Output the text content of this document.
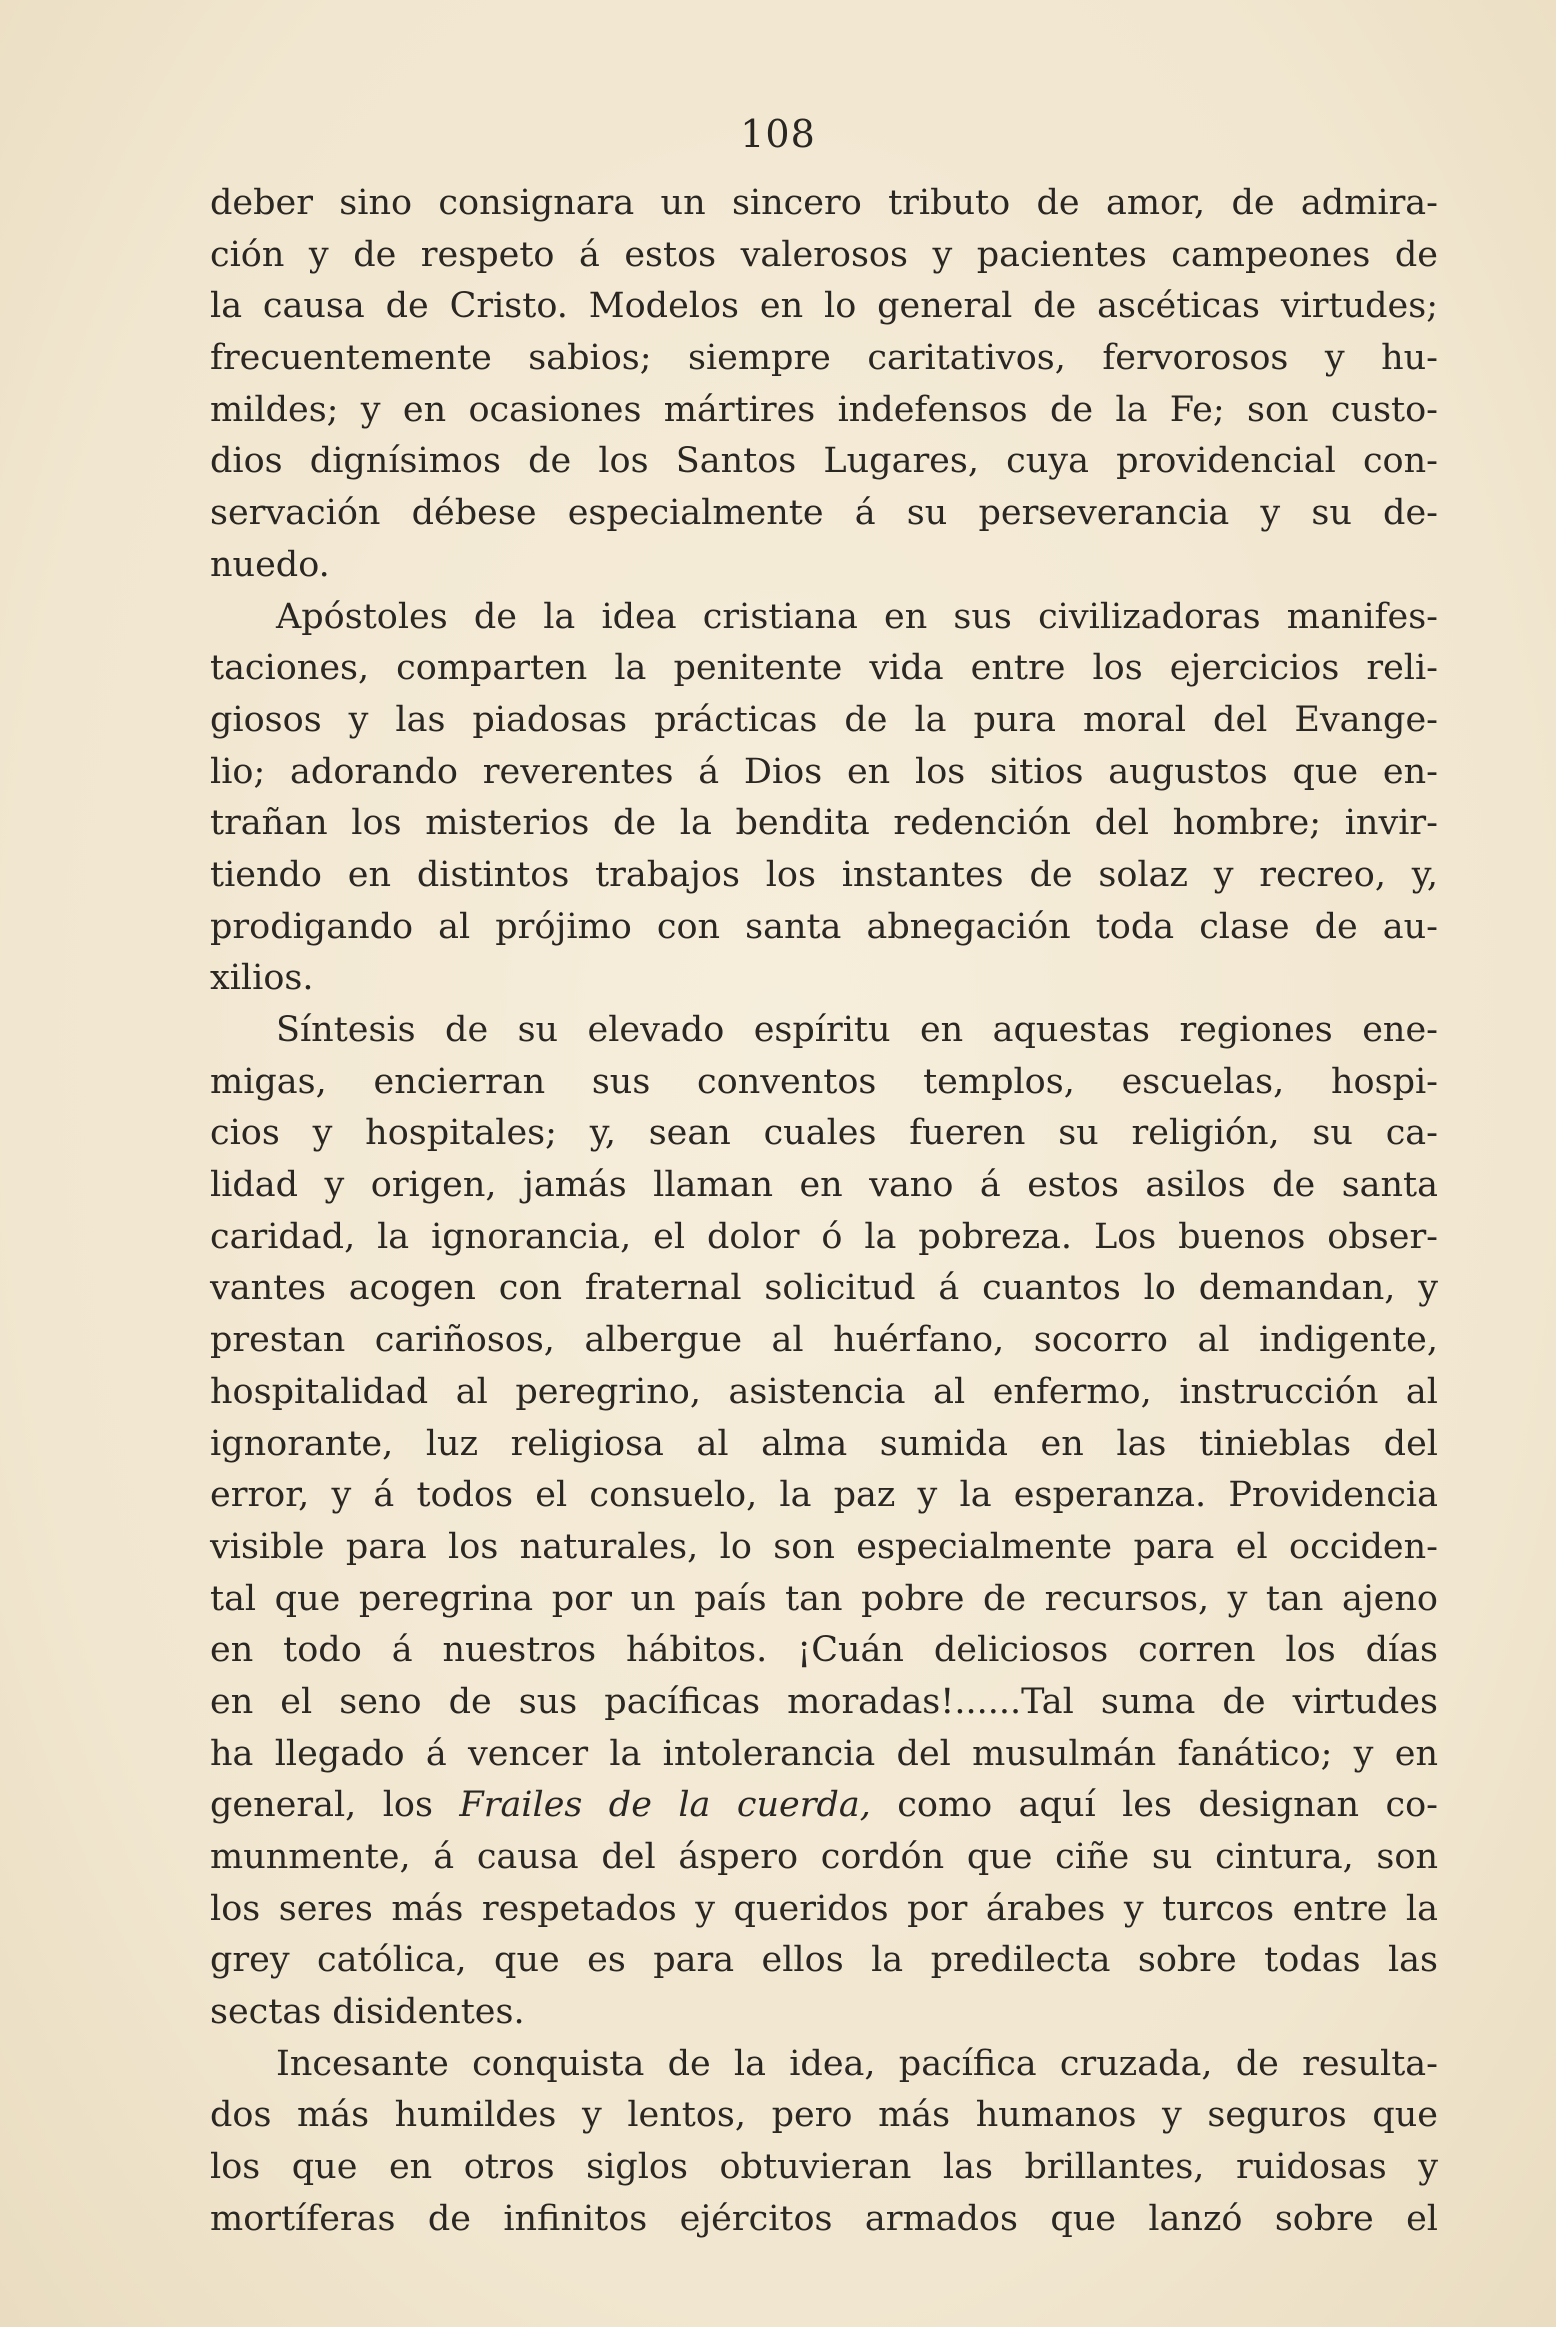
108
deber sino consignara un sincero tributo de amor, de admira-
ción y de respeto á estos valerosos y pacientes campeones de
la causa de Cristo. Modelos en lo general de ascéticas virtudes;
frecuentemente sabios; siempre caritativos, fervorosos y hu-
mildes; y en ocasiones mártires indefensos de la Fe; son custo-
dios dignísimos de los Santos Lugares, cuya providencial con-
servación débese especialmente á su perseverancia y su de-
nuedo.
Apóstoles de la idea cristiana en sus civilizadoras manifes-
taciones, comparten la penitente vida entre los ejercicios reli-
giosos y las piadosas prácticas de la pura moral del Evange-
lio; adorando reverentes á Dios en los sitios augustos que en-
trañan los misterios de la bendita redención del hombre; invir-
tiendo en distintos trabajos los instantes de solaz y recreo, y,
prodigando al prójimo con santa abnegación toda clase de au-
xilios.
Síntesis de su elevado espíritu en aquestas regiones ene-
migas, encierran sus conventos templos, escuelas, hospi-
cios y hospitales; y, sean cuales fueren su religión, su ca-
lidad y origen, jamás llaman en vano á estos asilos de santa
caridad, la ignorancia, el dolor ó la pobreza. Los buenos obser-
vantes acogen con fraternal solicitud á cuantos lo demandan, y
prestan cariñosos, albergue al huérfano, socorro al indigente,
hospitalidad al peregrino, asistencia al enfermo, instrucción al
ignorante, luz religiosa al alma sumida en las tinieblas del
error, y á todos el consuelo, la paz y la esperanza. Providencia
visible para los naturales, lo son especialmente para el occiden-
tal que peregrina por un país tan pobre de recursos, y tan ajeno
en todo á nuestros hábitos. ¡Cuán deliciosos corren los días
en el seno de sus pacíficas moradas!......Tal suma de virtudes
ha llegado á vencer la intolerancia del musulmán fanático; y en
general, los Frailes de la cuerda, como aquí les designan co-
munmente, á causa del áspero cordón que ciñe su cintura, son
los seres más respetados y queridos por árabes y turcos entre la
grey católica, que es para ellos la predilecta sobre todas las
sectas disidentes.
Incesante conquista de la idea, pacífica cruzada, de resulta-
dos más humildes y lentos, pero más humanos y seguros que
los que en otros siglos obtuvieran las brillantes, ruidosas y
mortíferas de infinitos ejércitos armados que lanzó sobre el
